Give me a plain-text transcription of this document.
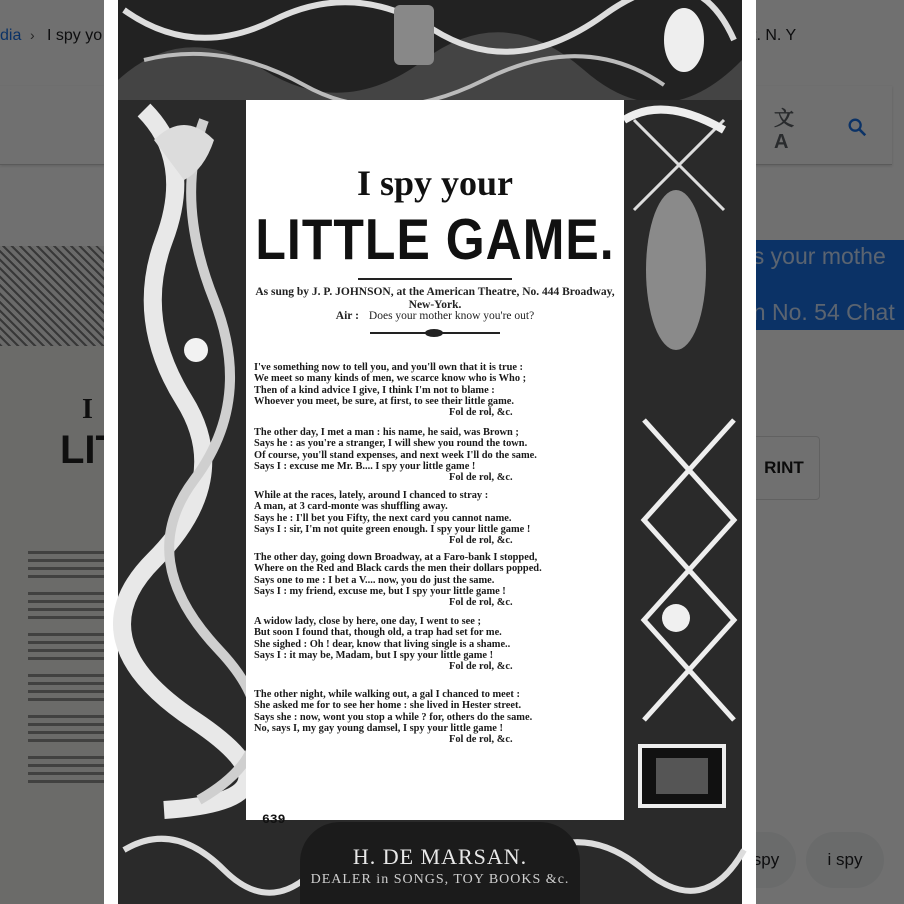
I spy your
LITTLE GAME.
As sung by J. P. JOHNSON, at the American Theatre, No. 444 Broadway, New-York.
Air : Does your mother know you're out?
I've something now to tell you, and you'll own that it is true :
We meet so many kinds of men, we scarce know who is Who ;
Then of a kind advice I give, I think I'm not to blame :
Whoever you meet, be sure, at first, to see their little game.
Fol de rol, &c.
The other day, I met a man : his name, he said, was Brown ;
Says he : as you're a stranger, I will shew you round the town.
Of course, you'll stand expenses, and next week I'll do the same.
Says I : excuse me Mr. B.... I spy your little game !
Fol de rol, &c.
While at the races, lately, around I chanced to stray :
A man, at 3 card-monte was shuffling away.
Says he : I'll bet you Fifty, the next card you cannot name.
Says I : sir, I'm not quite green enough. I spy your little game !
Fol de rol, &c.
The other day, going down Broadway, at a Faro-bank I stopped,
Where on the Red and Black cards the men their dollars popped.
Says one to me : I bet a V.... now, you do just the same.
Says I : my friend, excuse me, but I spy your little game !
Fol de rol, &c.
A widow lady, close by here, one day, I went to see ;
But soon I found that, though old, a trap had set for me.
She sighed : Oh ! dear, know that living single is a shame..
Says I : it may be, Madam, but I spy your little game !
Fol de rol, &c.
The other night, while walking out, a gal I chanced to meet :
She asked me for to see her home : she lived in Hester street.
Says she : now, wont you stop a while ? for, others do the same.
No, says I, my gay young damsel, I spy your little game !
Fol de rol, &c.
639
H. DE MARSAN.
DEALER in SONGS, TOY BOOKS &c.
